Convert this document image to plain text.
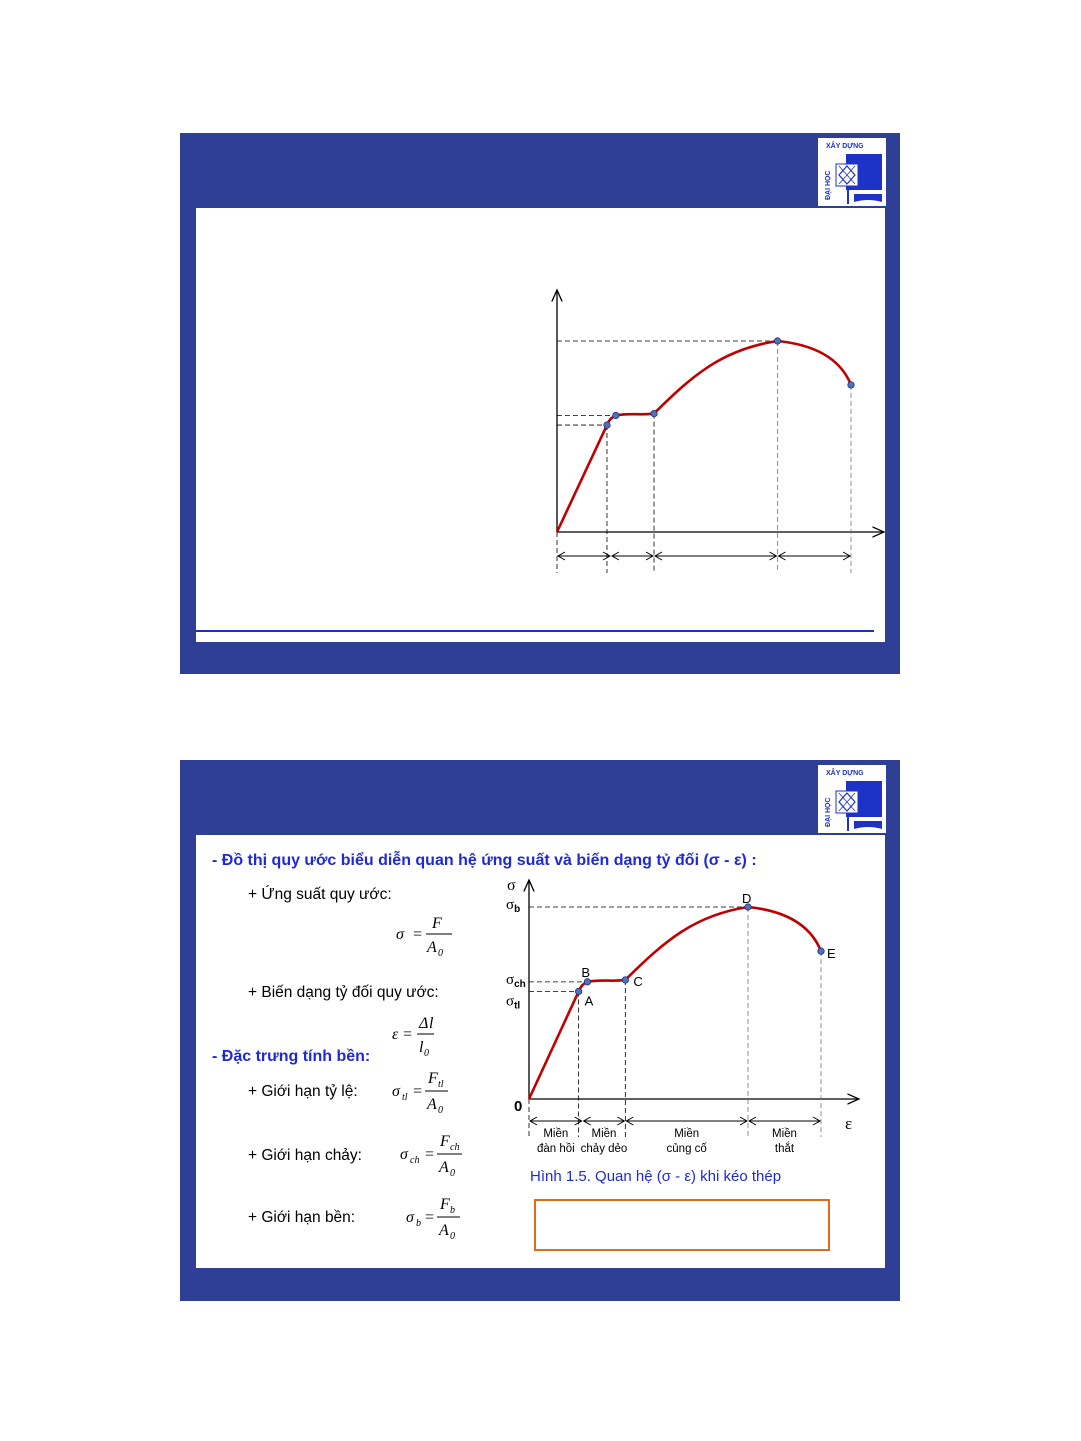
XÂY DỰNG
ĐẠI HỌC
XÂY DỰNG
ĐẠI HỌC
- Đồ thị quy ước biểu diễn quan hệ ứng suất và biến dạng tỷ đối (σ - ε) :
+ Ứng suất quy ước:
σ =
F
A 0
+ Biến dạng tỷ đối quy ước:
ε =
Δ l
l 0
- Đặc trưng tính bền:
+ Giới hạn tỷ lệ: σ tl =
F tl
A 0
+ Giới hạn chảy: σ ch =
F ch
A 0
+ Giới hạn bền:	σ b =
F b
A 0
A
B
C
D
E
$\sigma_b$
$\sigma_{ch}$
$\sigma_{tl}$
σ
ε
0
Miền đàn hồi
Miền chảy dẻo
Miền củng cố
Miền thắt
Hình 1.5. Quan hệ (σ - ε) khi kéo thép
